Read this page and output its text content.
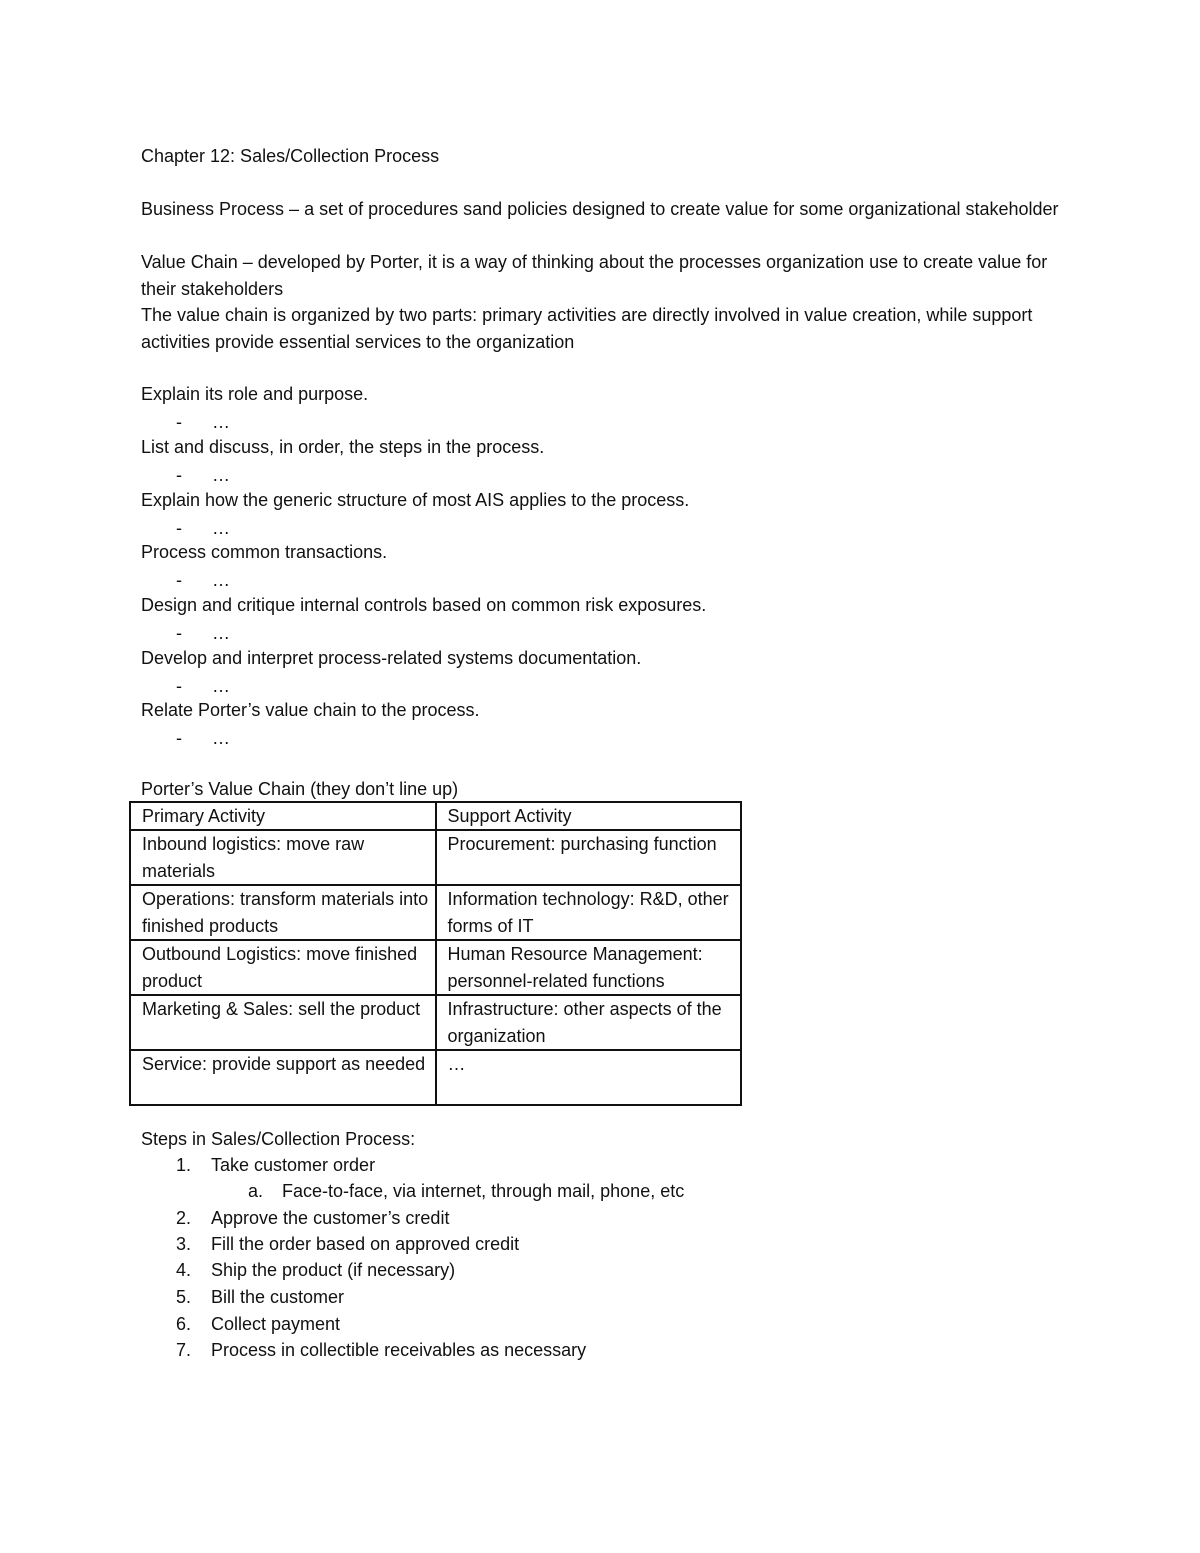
Chapter 12: Sales/Collection Process
Business Process – a set of procedures sand policies designed to create value for some organizational stakeholder
Value Chain – developed by Porter, it is a way of thinking about the processes organization use to create value for their stakeholders
The value chain is organized by two parts: primary activities are directly involved in value creation, while support activities provide essential services to the organization
Explain its role and purpose.
- …
List and discuss, in order, the steps in the process.
- …
Explain how the generic structure of most AIS applies to the process.
- …
Process common transactions.
- …
Design and critique internal controls based on common risk exposures.
- …
Develop and interpret process-related systems documentation.
- …
Relate Porter’s value chain to the process.
- …
Porter’s Value Chain (they don’t line up)
Primary Activity	Support Activity
Inbound logistics: move raw materials	Procurement: purchasing function
Operations: transform materials into finished products	Information technology: R&D, other forms of IT
Outbound Logistics: move finished product	Human Resource Management: personnel-related functions
Marketing & Sales: sell the product	Infrastructure: other aspects of the organization
Service: provide support as needed	…
Steps in Sales/Collection Process:
1. Take customer order
a. Face-to-face, via internet, through mail, phone, etc
2. Approve the customer’s credit
3. Fill the order based on approved credit
4. Ship the product (if necessary)
5. Bill the customer
6. Collect payment
7. Process in collectible receivables as necessary
